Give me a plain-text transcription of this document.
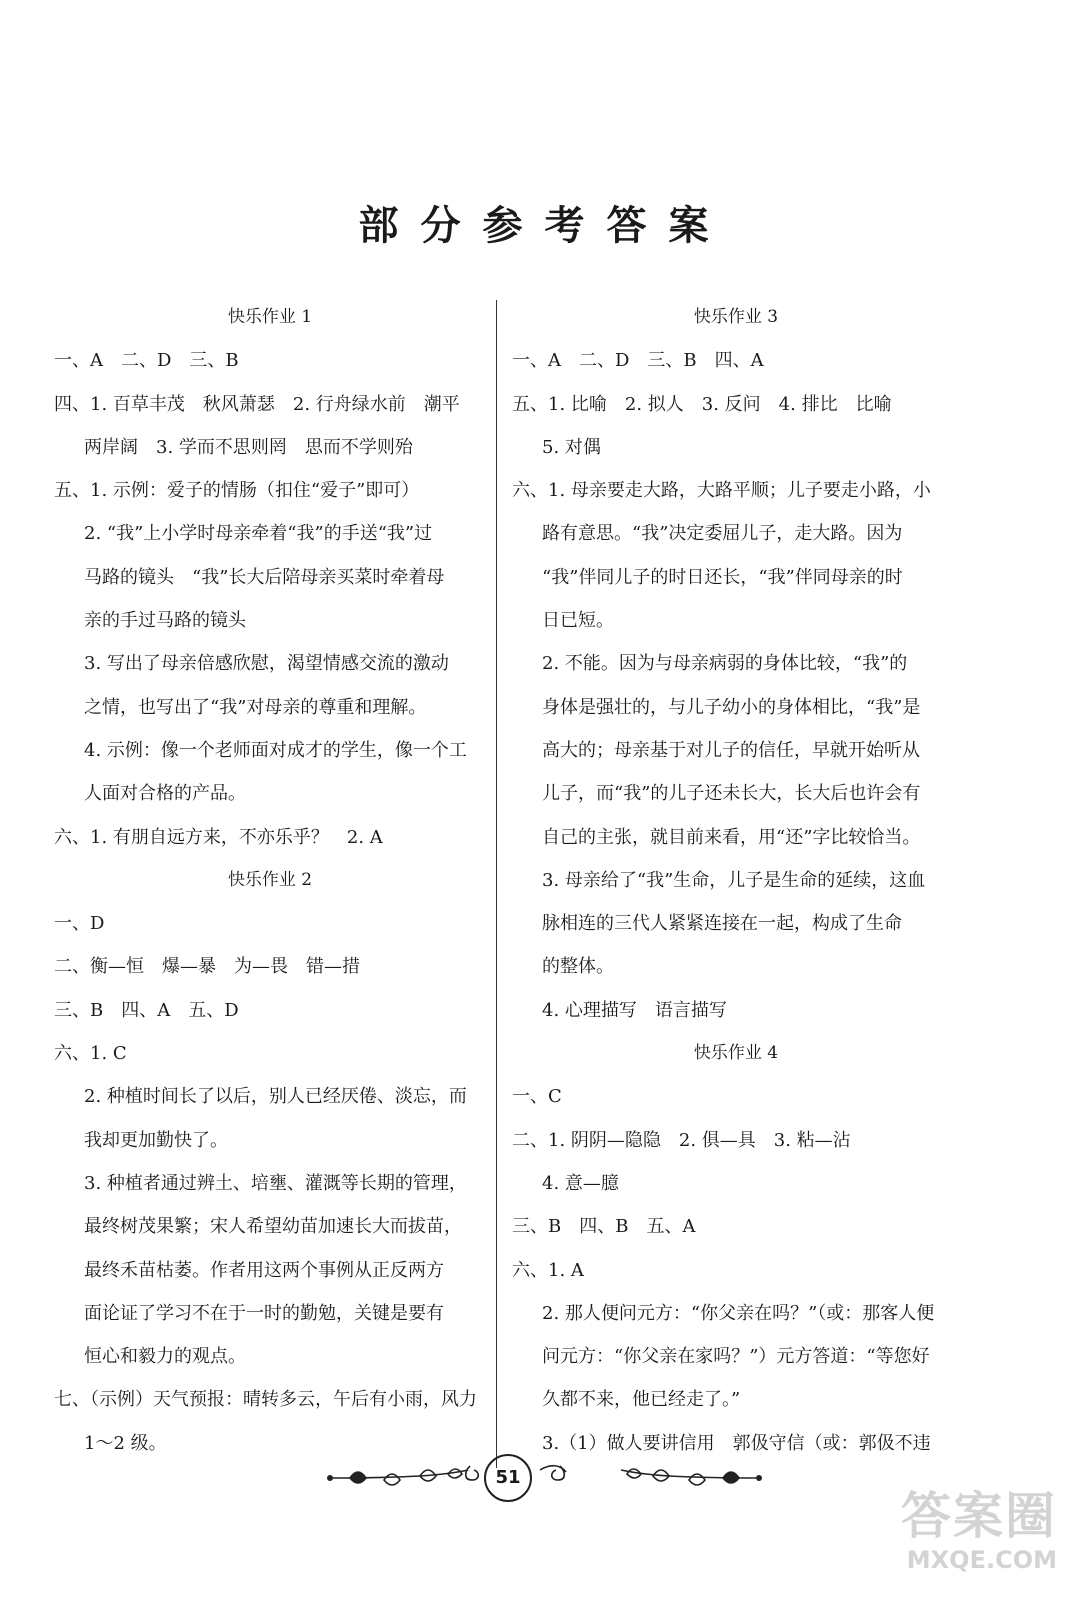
部分参考答案
快乐作业 1
一、A　二、D　三、B
四、1. 百草丰茂　秋风萧瑟　2. 行舟绿水前　潮平
两岸阔　3. 学而不思则罔　思而不学则殆
五、1. 示例：爱子的情肠（扣住“爱子”即可）
2. “我”上小学时母亲牵着“我”的手送“我”过
马路的镜头　“我”长大后陪母亲买菜时牵着母
亲的手过马路的镜头
3. 写出了母亲倍感欣慰，渴望情感交流的激动
之情，也写出了“我”对母亲的尊重和理解。
4. 示例：像一个老师面对成才的学生，像一个工
人面对合格的产品。
六、1. 有朋自远方来，不亦乐乎？　2. A
快乐作业 2
一、D
二、衡—恒　爆—暴　为—畏　错—措
三、B　四、A　五、D
六、1. C
2. 种植时间长了以后，别人已经厌倦、淡忘，而
我却更加勤快了。
3. 种植者通过辨土、培壅、灌溉等长期的管理，
最终树茂果繁；宋人希望幼苗加速长大而拔苗，
最终禾苗枯萎。作者用这两个事例从正反两方
面论证了学习不在于一时的勤勉，关键是要有
恒心和毅力的观点。
七、（示例）天气预报：晴转多云，午后有小雨，风力
1～2 级。
快乐作业 3
一、A　二、D　三、B　四、A
五、1. 比喻　2. 拟人　3. 反问　4. 排比　比喻
5. 对偶
六、1. 母亲要走大路，大路平顺；儿子要走小路，小
路有意思。“我”决定委屈儿子，走大路。因为
“我”伴同儿子的时日还长，“我”伴同母亲的时
日已短。
2. 不能。因为与母亲病弱的身体比较，“我”的
身体是强壮的，与儿子幼小的身体相比，“我”是
高大的；母亲基于对儿子的信任，早就开始听从
儿子，而“我”的儿子还未长大，长大后也许会有
自己的主张，就目前来看，用“还”字比较恰当。
3. 母亲给了“我”生命，儿子是生命的延续，这血
脉相连的三代人紧紧连接在一起，构成了生命
的整体。
4. 心理描写　语言描写
快乐作业 4
一、C
二、1. 阴阴—隐隐　2. 俱—具　3. 粘—沾
4. 意—臆
三、B　四、B　五、A
六、1. A
2. 那人便问元方：“你父亲在吗？”（或：那客人便
问元方：“你父亲在家吗？”）元方答道：“等您好
久都不来，他已经走了。”
3.（1）做人要讲信用　郭伋守信（或：郭伋不违
51
答案圈
MXQE.COM
